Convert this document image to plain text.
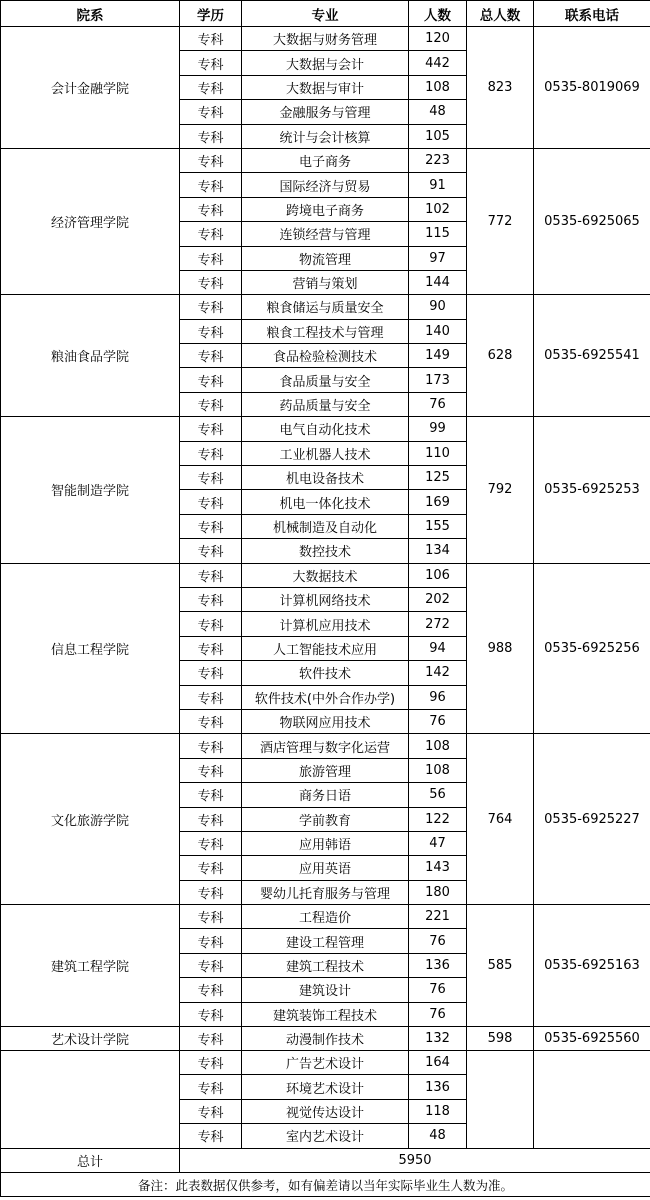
院系	学历	专业	人数	总人数	联系电话
会计金融学院	专科	大数据与财务管理	120	823	0535-8019069
	专科	大数据与会计	442		
	专科	大数据与审计	108		
	专科	金融服务与管理	48		
	专科	统计与会计核算	105		
经济管理学院	专科	电子商务	223	772	0535-6925065
	专科	国际经济与贸易	91		
	专科	跨境电子商务	102		
	专科	连锁经营与管理	115		
	专科	物流管理	97		
	专科	营销与策划	144		
粮油食品学院	专科	粮食储运与质量安全	90	628	0535-6925541
	专科	粮食工程技术与管理	140		
	专科	食品检验检测技术	149		
	专科	食品质量与安全	173		
	专科	药品质量与安全	76		
智能制造学院	专科	电气自动化技术	99	792	0535-6925253
	专科	工业机器人技术	110		
	专科	机电设备技术	125		
	专科	机电一体化技术	169		
	专科	机械制造及自动化	155		
	专科	数控技术	134		
信息工程学院	专科	大数据技术	106	988	0535-6925256
	专科	计算机网络技术	202		
	专科	计算机应用技术	272		
	专科	人工智能技术应用	94		
	专科	软件技术	142		
	专科	软件技术(中外合作办学)	96		
	专科	物联网应用技术	76		
文化旅游学院	专科	酒店管理与数字化运营	108	764	0535-6925227
	专科	旅游管理	108		
	专科	商务日语	56		
	专科	学前教育	122		
	专科	应用韩语	47		
	专科	应用英语	143		
	专科	婴幼儿托育服务与管理	180		
建筑工程学院	专科	工程造价	221	585	0535-6925163
	专科	建设工程管理	76		
	专科	建筑工程技术	136		
	专科	建筑设计	76		
	专科	建筑装饰工程技术	76		
艺术设计学院	专科	动漫制作技术	132	598	0535-6925560
	专科	广告艺术设计	164		
	专科	环境艺术设计	136		
	专科	视觉传达设计	118		
	专科	室内艺术设计	48		
总计	5950				
备注：此表数据仅供参考，如有偏差请以当年实际毕业生人数为准。					
